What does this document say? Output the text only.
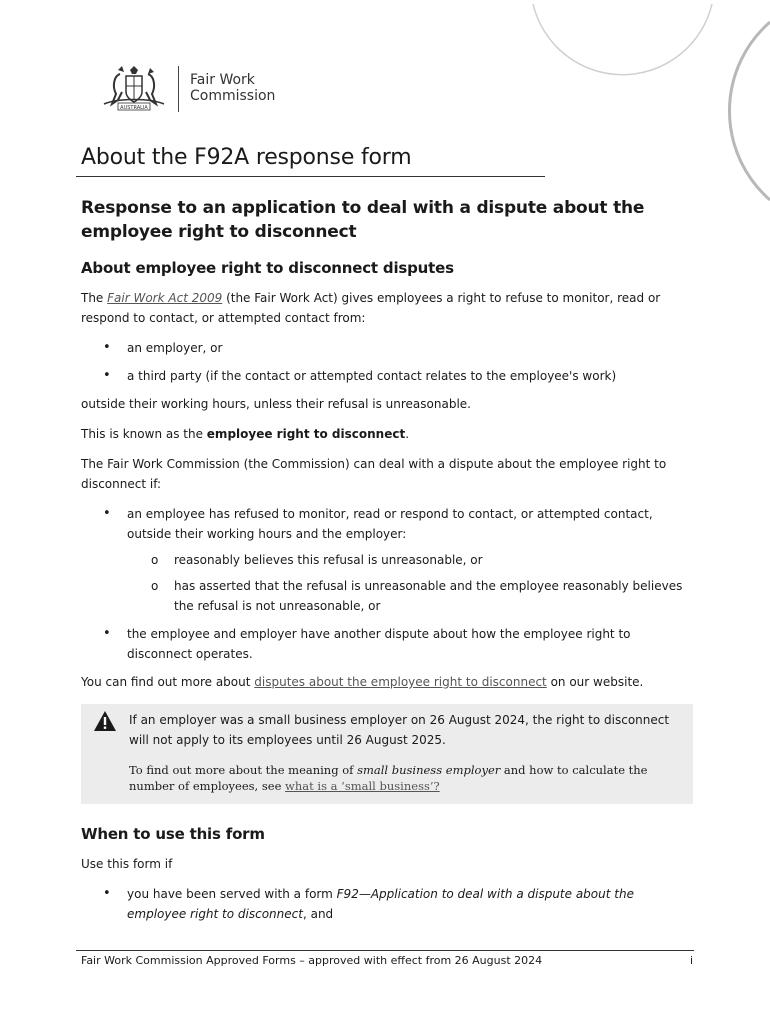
AUSTRALIA
Fair Work
Commission
About the F92A response form
Response to an application to deal with a dispute about the employee right to disconnect
About employee right to disconnect disputes

The Fair Work Act 2009 (the Fair Work Act) gives employees a right to refuse to monitor, read or respond to contact, or attempted contact from:

• an employer, or
• a third party (if the contact or attempted contact relates to the employee's work)

outside their working hours, unless their refusal is unreasonable.

This is known as the employee right to disconnect.

The Fair Work Commission (the Commission) can deal with a dispute about the employee right to disconnect if:

• an employee has refused to monitor, read or respond to contact, or attempted contact, outside their working hours and the employer:
o reasonably believes this refusal is unreasonable, or
o has asserted that the refusal is unreasonable and the employee reasonably believes the refusal is not unreasonable, or
• the employee and employer have another dispute about how the employee right to disconnect operates.

You can find out more about disputes about the employee right to disconnect on our website.

If an employer was a small business employer on 26 August 2024, the right to disconnect will not apply to its employees until 26 August 2025.

To find out more about the meaning of small business employer and how to calculate the number of employees, see what is a ‘small business’?

When to use this form

Use this form if

• you have been served with a form F92—Application to deal with a dispute about the employee right to disconnect, and
Fair Work Commission Approved Forms – approved with effect from 26 August 2024	i
